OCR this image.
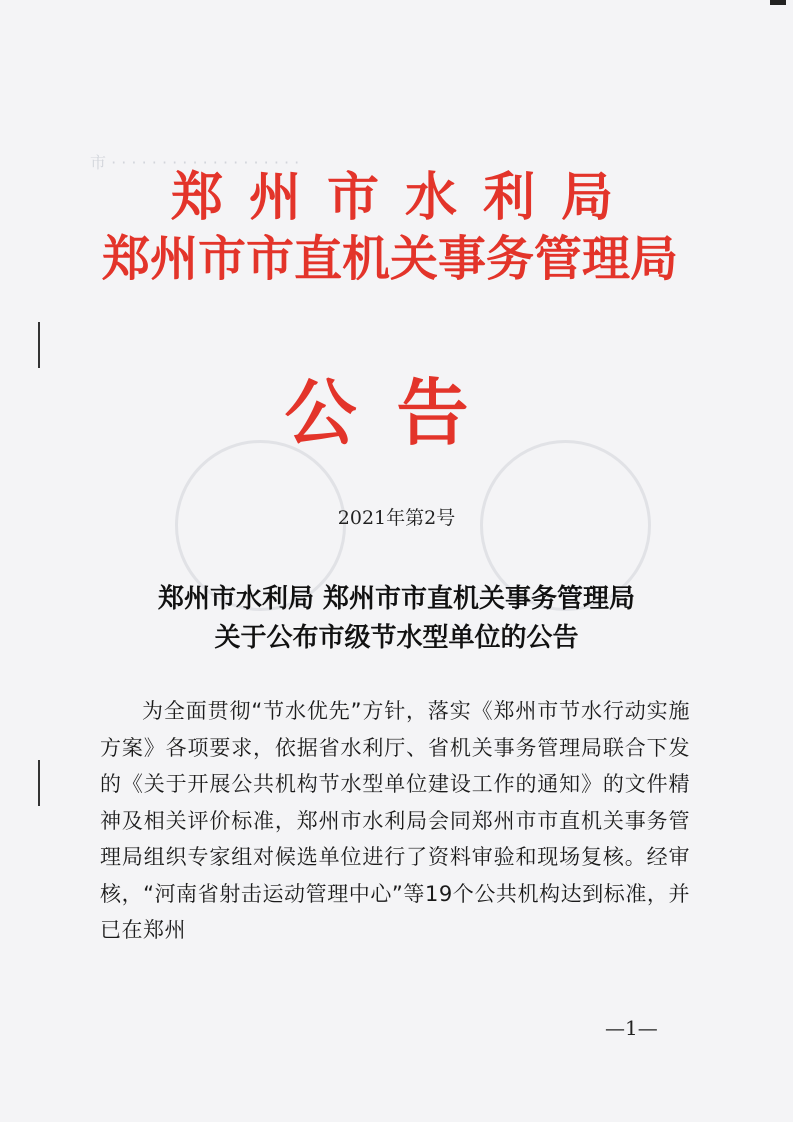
市 · · · · · · · · · · · · · · · · · · ·
郑州市水利局
郑州市市直机关事务管理局
公告
2021年第2号
郑州市水利局 郑州市市直机关事务管理局
关于公布市级节水型单位的公告
为全面贯彻“节水优先”方针，落实《郑州市节水行动实施方案》各项要求，依据省水利厅、省机关事务管理局联合下发的《关于开展公共机构节水型单位建设工作的通知》的文件精神及相关评价标准，郑州市水利局会同郑州市市直机关事务管理局组织专家组对候选单位进行了资料审验和现场复核。经审核，“河南省射击运动管理中心”等19个公共机构达到标准，并已在郑州
—1—
